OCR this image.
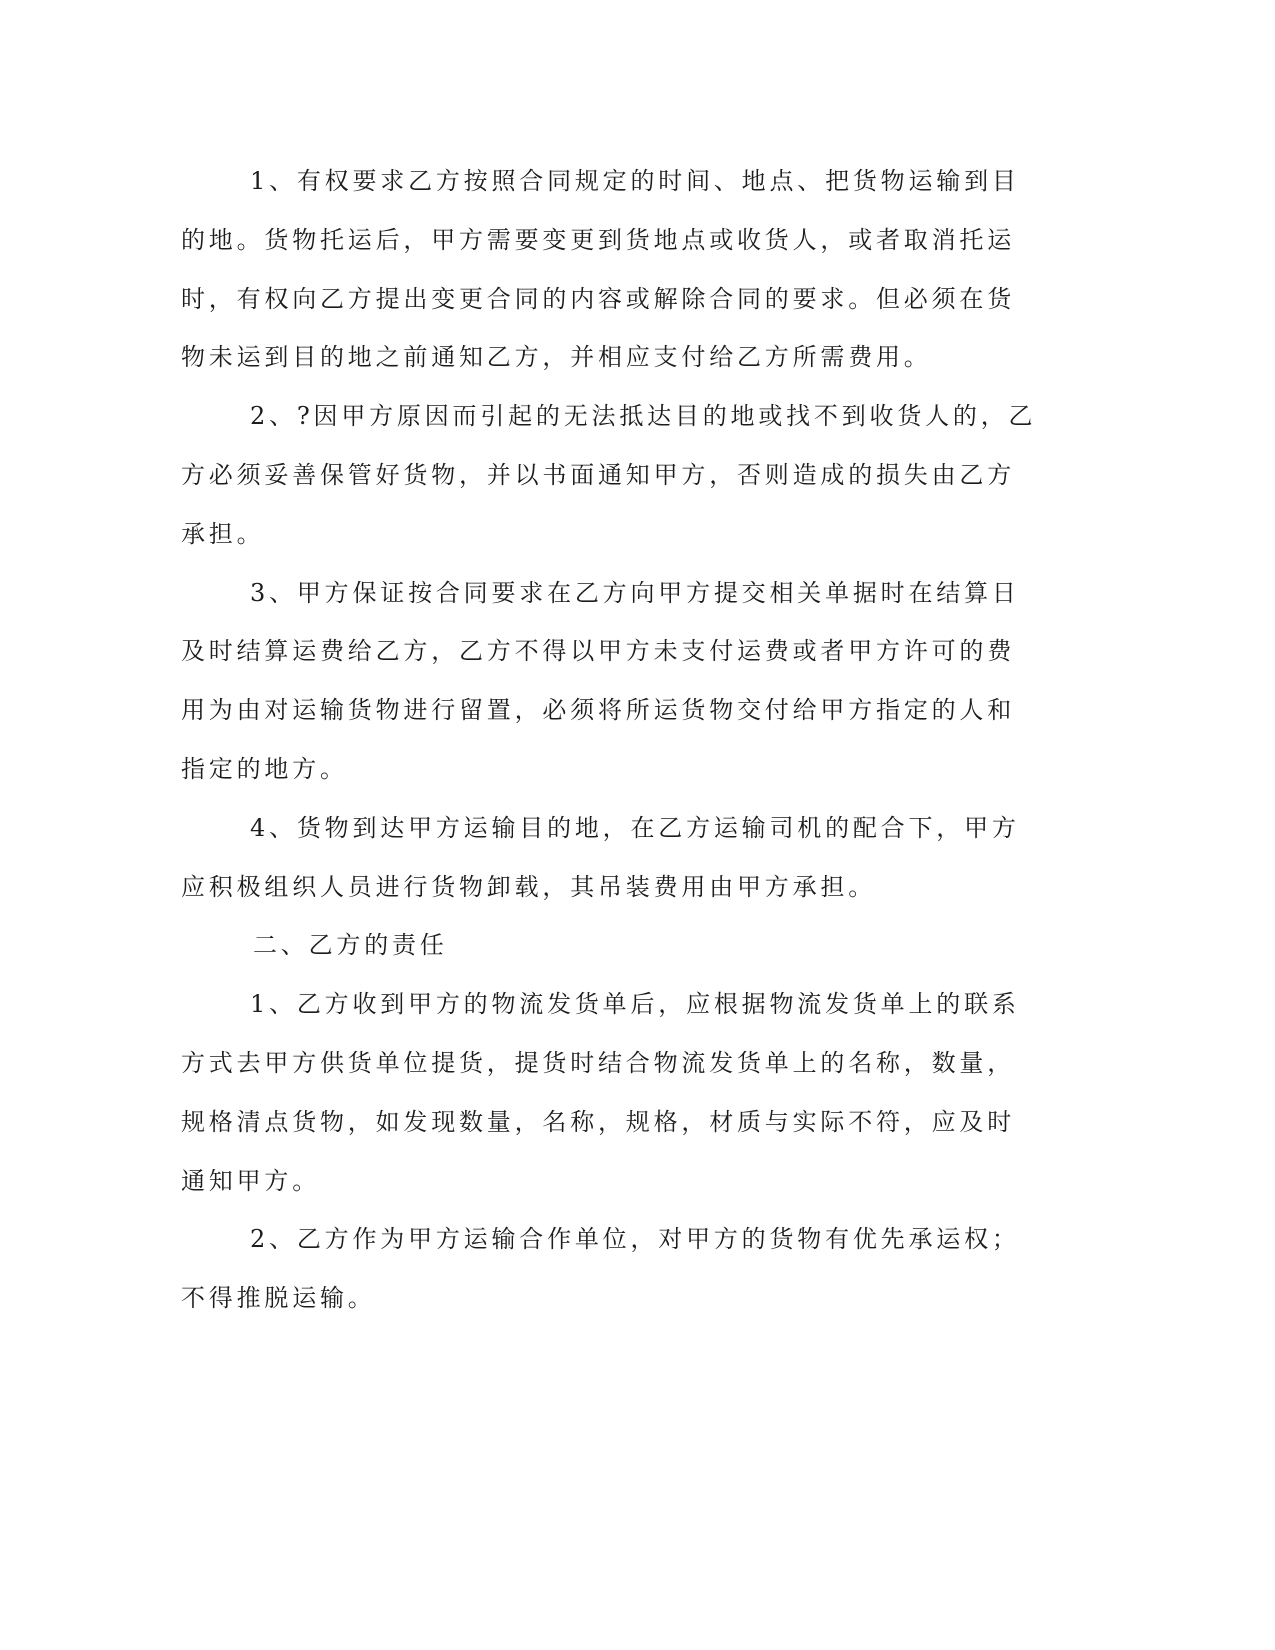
1、有权要求乙方按照合同规定的时间、地点、把货物运输到目
的地。货物托运后，甲方需要变更到货地点或收货人，或者取消托运
时，有权向乙方提出变更合同的内容或解除合同的要求。但必须在货
物未运到目的地之前通知乙方，并相应支付给乙方所需费用。
2、?因甲方原因而引起的无法抵达目的地或找不到收货人的，乙
方必须妥善保管好货物，并以书面通知甲方，否则造成的损失由乙方
承担。
3、甲方保证按合同要求在乙方向甲方提交相关单据时在结算日
及时结算运费给乙方，乙方不得以甲方未支付运费或者甲方许可的费
用为由对运输货物进行留置，必须将所运货物交付给甲方指定的人和
指定的地方。
4、货物到达甲方运输目的地，在乙方运输司机的配合下，甲方
应积极组织人员进行货物卸载，其吊装费用由甲方承担。
二、乙方的责任
1、乙方收到甲方的物流发货单后，应根据物流发货单上的联系
方式去甲方供货单位提货，提货时结合物流发货单上的名称，数量，
规格清点货物，如发现数量，名称，规格，材质与实际不符，应及时
通知甲方。
2、乙方作为甲方运输合作单位，对甲方的货物有优先承运权；
不得推脱运输。
